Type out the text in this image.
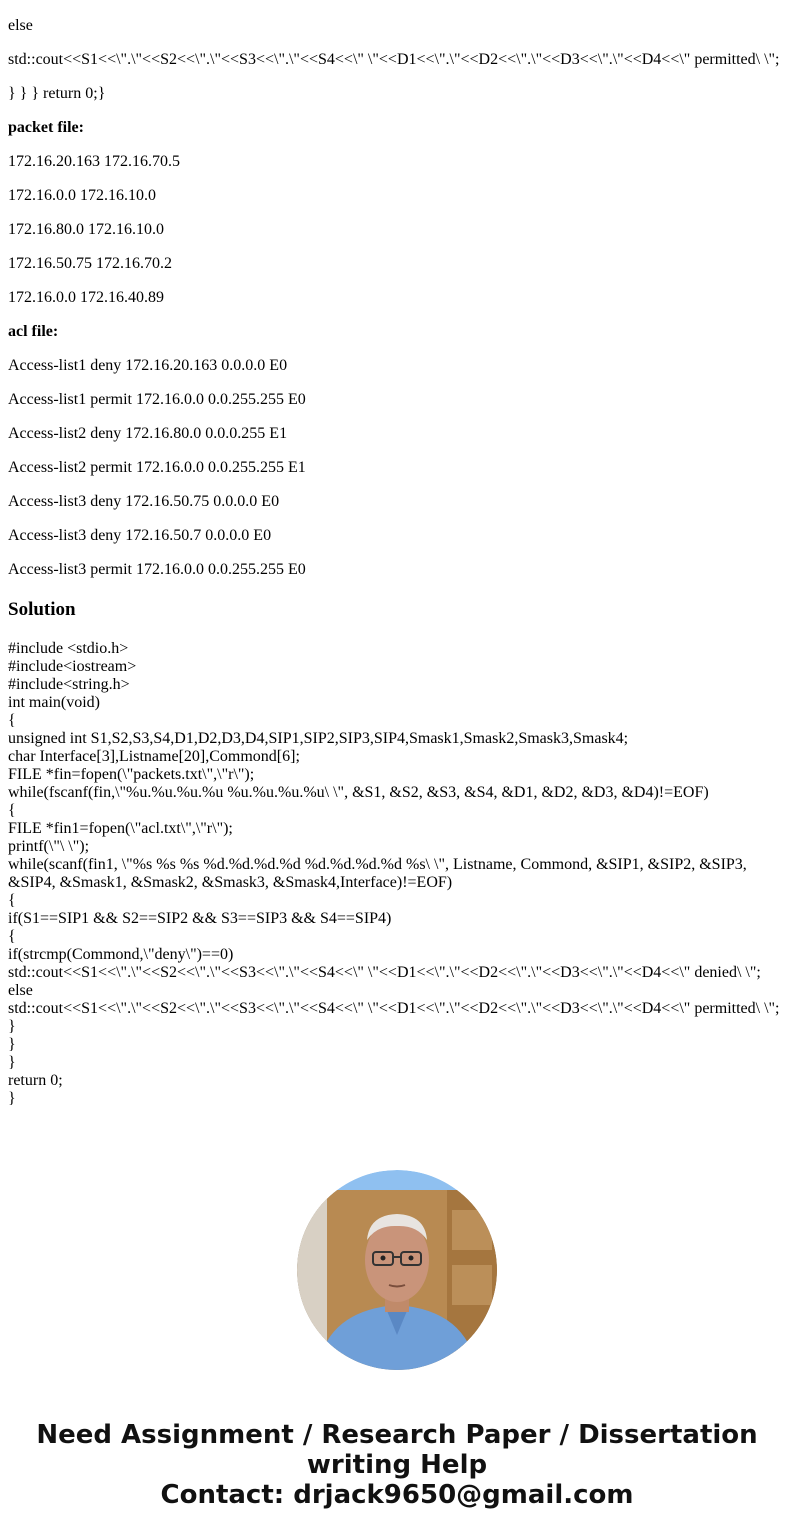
else

std::cout<<S1<<\".\"<<S2<<\".\"<<S3<<\".\"<<S4<<\" \"<<D1<<\".\"<<D2<<\".\"<<D3<<\".\"<<D4<<\" permitted\ \";

} } } return 0;}

packet file:

172.16.20.163 172.16.70.5

172.16.0.0 172.16.10.0

172.16.80.0 172.16.10.0

172.16.50.75 172.16.70.2

172.16.0.0 172.16.40.89

acl file:

Access-list1 deny 172.16.20.163 0.0.0.0 E0

Access-list1 permit 172.16.0.0 0.0.255.255 E0

Access-list2 deny 172.16.80.0 0.0.0.255 E1

Access-list2 permit 172.16.0.0 0.0.255.255 E1

Access-list3 deny 172.16.50.75 0.0.0.0 E0

Access-list3 deny 172.16.50.7 0.0.0.0 E0

Access-list3 permit 172.16.0.0 0.0.255.255 E0

Solution
#include <stdio.h>
#include<iostream>
#include<string.h>
int main(void)
{
unsigned int S1,S2,S3,S4,D1,D2,D3,D4,SIP1,SIP2,SIP3,SIP4,Smask1,Smask2,Smask3,Smask4;
char Interface[3],Listname[20],Commond[6];
FILE *fin=fopen(\"packets.txt\",\"r\");
while(fscanf(fin,\"%u.%u.%u.%u %u.%u.%u.%u\ \", &S1, &S2, &S3, &S4, &D1, &D2, &D3, &D4)!=EOF)
{
FILE *fin1=fopen(\"acl.txt\",\"r\");
printf(\"\ \");
while(scanf(fin1, \"%s %s %s %d.%d.%d.%d %d.%d.%d.%d %s\ \", Listname, Commond, &SIP1, &SIP2, &SIP3, &SIP4, &Smask1, &Smask2, &Smask3, &Smask4,Interface)!=EOF)
{
if(S1==SIP1 && S2==SIP2 && S3==SIP3 && S4==SIP4)
{
if(strcmp(Commond,\"deny\")==0)
std::cout<<S1<<\".\"<<S2<<\".\"<<S3<<\".\"<<S4<<\" \"<<D1<<\".\"<<D2<<\".\"<<D3<<\".\"<<D4<<\" denied\ \";
else
std::cout<<S1<<\".\"<<S2<<\".\"<<S3<<\".\"<<S4<<\" \"<<D1<<\".\"<<D2<<\".\"<<D3<<\".\"<<D4<<\" permitted\ \";
}
}
}
return 0;
}
Need Assignment / Research Paper / Dissertation
writing Help
Contact: drjack9650@gmail.com
